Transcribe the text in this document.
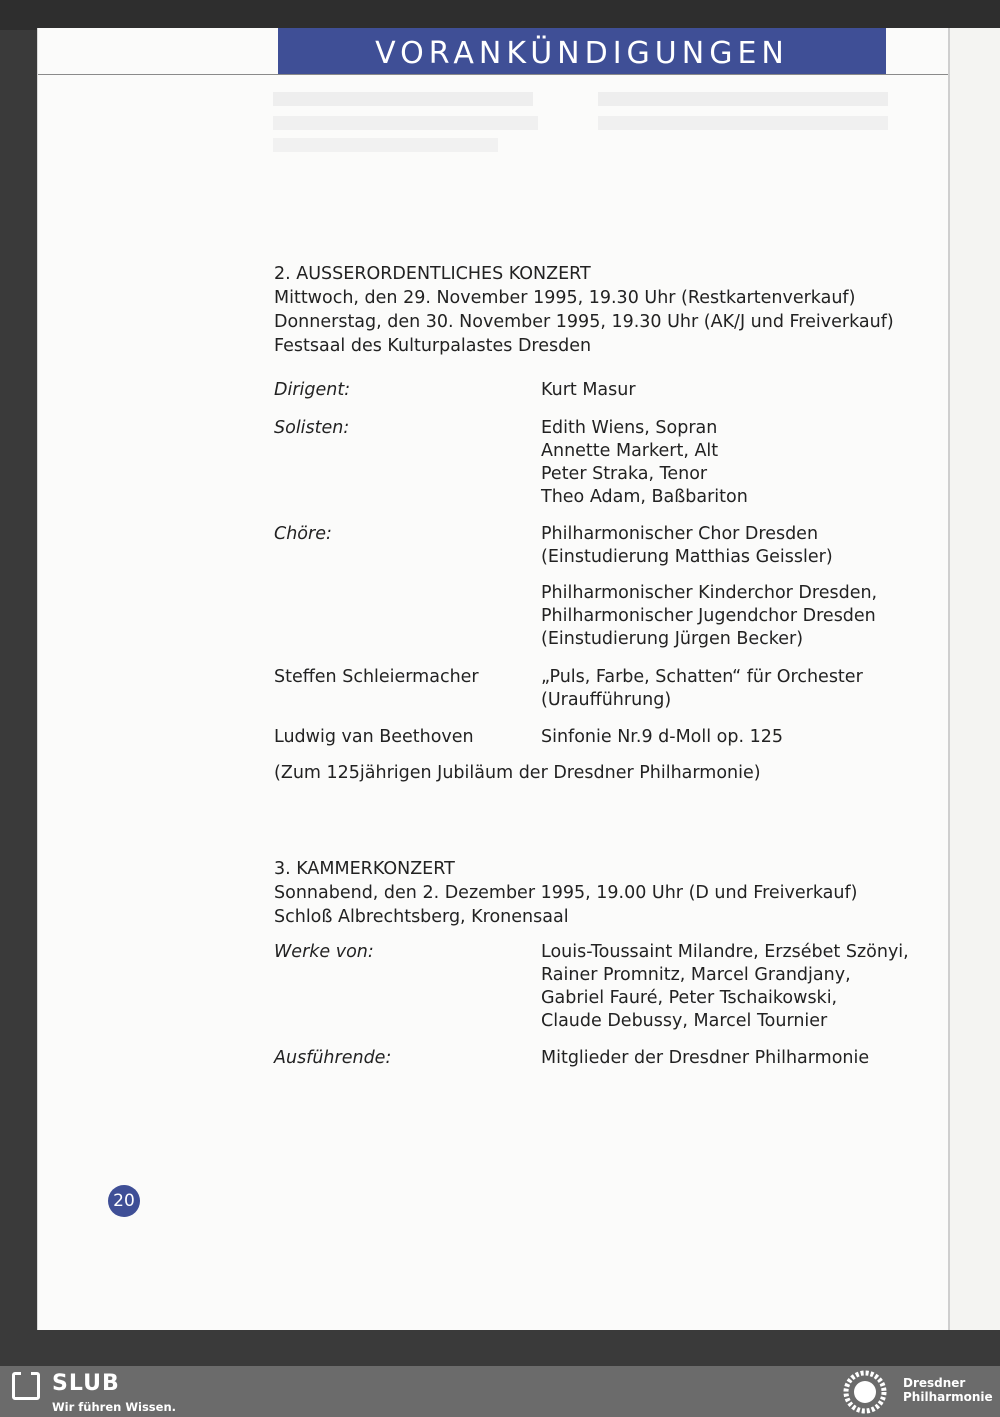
VORANKÜNDIGUNGEN
2. AUSSERORDENTLICHES KONZERT
Mittwoch, den 29. November 1995, 19.30 Uhr (Restkartenverkauf)
Donnerstag, den 30. November 1995, 19.30 Uhr (AK/J und Freiverkauf)
Festsaal des Kulturpalastes Dresden
Dirigent:	Kurt Masur
Solisten:	Edith Wiens, Sopran
Annette Markert, Alt
Peter Straka, Tenor
Theo Adam, Baßbariton
Chöre:	Philharmonischer Chor Dresden
(Einstudierung Matthias Geissler)
Philharmonischer Kinderchor Dresden,
Philharmonischer Jugendchor Dresden
(Einstudierung Jürgen Becker)
Steffen Schleiermacher	„Puls, Farbe, Schatten“ für Orchester
(Uraufführung)
Ludwig van Beethoven	Sinfonie Nr.9 d-Moll op. 125
(Zum 125jährigen Jubiläum der Dresdner Philharmonie)
3. KAMMERKONZERT
Sonnabend, den 2. Dezember 1995, 19.00 Uhr (D und Freiverkauf)
Schloß Albrechtsberg, Kronensaal
Werke von:	Louis-Toussaint Milandre, Erzsébet Szönyi,
Rainer Promnitz, Marcel Grandjany,
Gabriel Fauré, Peter Tschaikowski,
Claude Debussy, Marcel Tournier
Ausführende:	Mitglieder der Dresdner Philharmonie
20
SLUB
Wir führen Wissen.
Dresdner
Philharmonie
